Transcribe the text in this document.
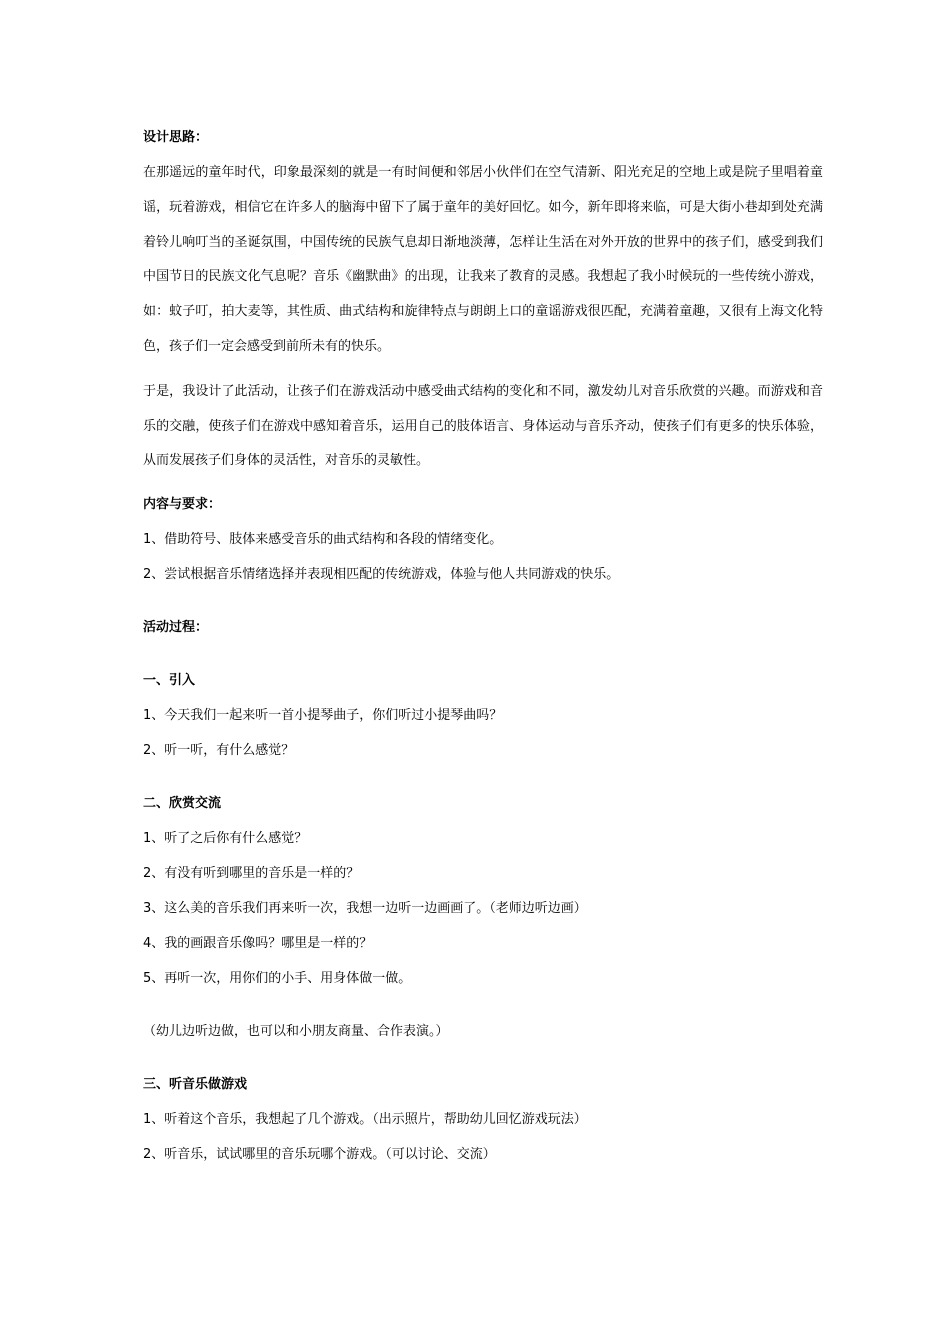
设计思路：

在那遥远的童年时代，印象最深刻的就是一有时间便和邻居小伙伴们在空气清新、阳光充足的空地上或是院子里唱着童谣，玩着游戏，相信它在许多人的脑海中留下了属于童年的美好回忆。如今，新年即将来临，可是大街小巷却到处充满着铃儿响叮当的圣诞氛围，中国传统的民族气息却日渐地淡薄，怎样让生活在对外开放的世界中的孩子们，感受到我们中国节日的民族文化气息呢？音乐《幽默曲》的出现，让我来了教育的灵感。我想起了我小时候玩的一些传统小游戏，如：蚊子叮，拍大麦等，其性质、曲式结构和旋律特点与朗朗上口的童谣游戏很匹配，充满着童趣，又很有上海文化特色，孩子们一定会感受到前所未有的快乐。

于是，我设计了此活动，让孩子们在游戏活动中感受曲式结构的变化和不同，激发幼儿对音乐欣赏的兴趣。而游戏和音乐的交融，使孩子们在游戏中感知着音乐，运用自己的肢体语言、身体运动与音乐齐动，使孩子们有更多的快乐体验，从而发展孩子们身体的灵活性，对音乐的灵敏性。

内容与要求：

1、借助符号、肢体来感受音乐的曲式结构和各段的情绪变化。

2、尝试根据音乐情绪选择并表现相匹配的传统游戏，体验与他人共同游戏的快乐。

活动过程：

一、引入

1、今天我们一起来听一首小提琴曲子，你们听过小提琴曲吗？

2、听一听，有什么感觉？

二、欣赏交流

1、听了之后你有什么感觉？

2、有没有听到哪里的音乐是一样的？

3、这么美的音乐我们再来听一次，我想一边听一边画画了。（老师边听边画）

4、我的画跟音乐像吗？哪里是一样的？

5、再听一次，用你们的小手、用身体做一做。

（幼儿边听边做，也可以和小朋友商量、合作表演。）

三、听音乐做游戏

1、听着这个音乐，我想起了几个游戏。（出示照片，帮助幼儿回忆游戏玩法）

2、听音乐，试试哪里的音乐玩哪个游戏。（可以讨论、交流）
